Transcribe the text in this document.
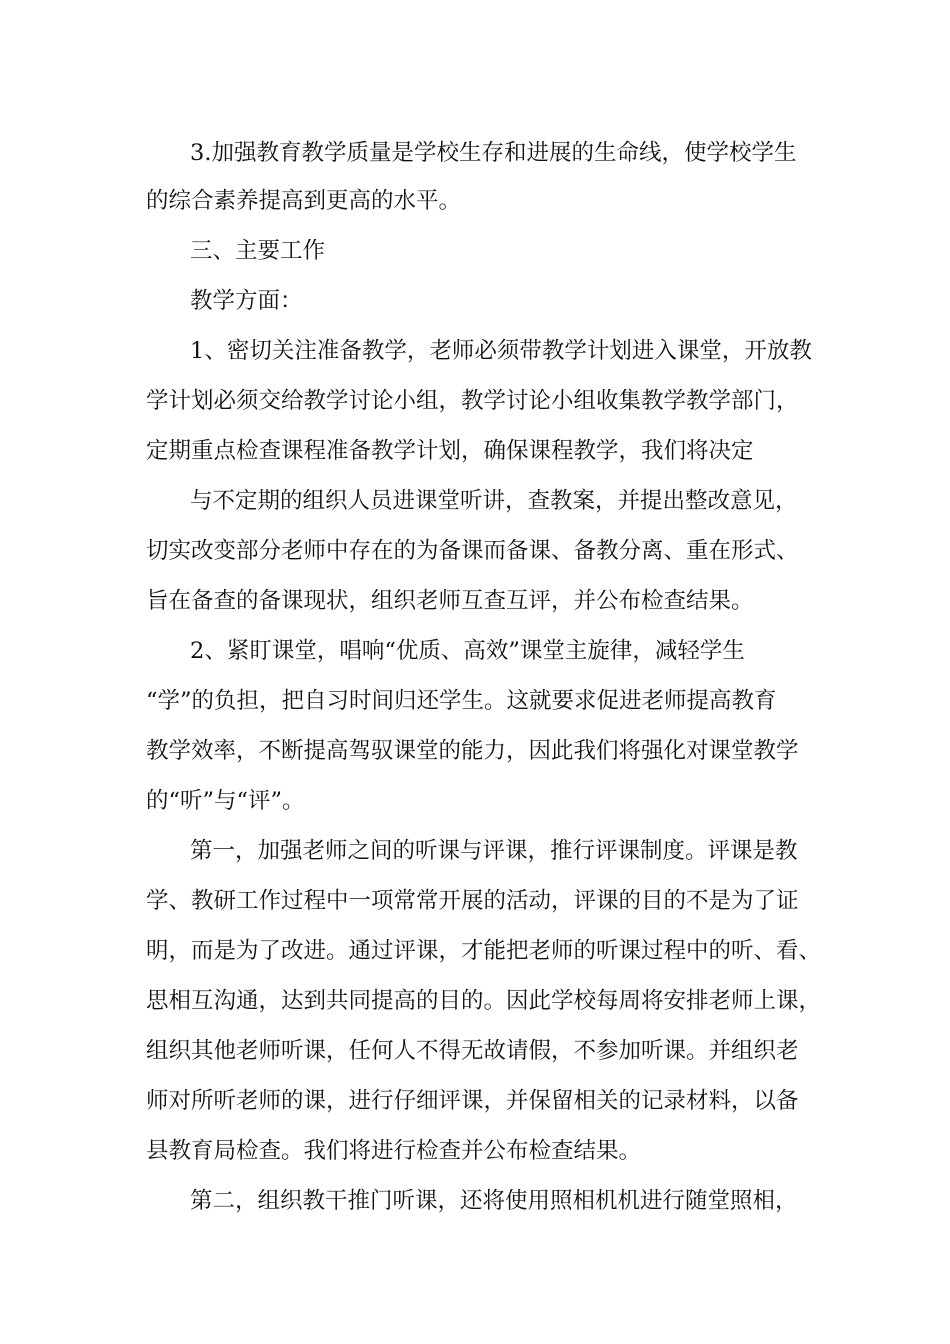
3.加强教育教学质量是学校生存和进展的生命线，使学校学生
的综合素养提高到更高的水平。
三、主要工作
教学方面：
1、密切关注准备教学，老师必须带教学计划进入课堂，开放教
学计划必须交给教学讨论小组，教学讨论小组收集教学教学部门，
定期重点检查课程准备教学计划，确保课程教学，我们将决定
与不定期的组织人员进课堂听讲，查教案，并提出整改意见，
切实改变部分老师中存在的为备课而备课、备教分离、重在形式、
旨在备查的备课现状，组织老师互查互评，并公布检查结果。
2、紧盯课堂，唱响“优质、高效”课堂主旋律，减轻学生
“学”的负担，把自习时间归还学生。这就要求促进老师提高教育
教学效率，不断提高驾驭课堂的能力，因此我们将强化对课堂教学
的“听”与“评”。
第一，加强老师之间的听课与评课，推行评课制度。评课是教
学、教研工作过程中一项常常开展的活动，评课的目的不是为了证
明，而是为了改进。通过评课，才能把老师的听课过程中的听、看、
思相互沟通，达到共同提高的目的。因此学校每周将安排老师上课，
组织其他老师听课，任何人不得无故请假，不参加听课。并组织老
师对所听老师的课，进行仔细评课，并保留相关的记录材料，以备
县教育局检查。我们将进行检查并公布检查结果。
第二，组织教干推门听课，还将使用照相机机进行随堂照相，
